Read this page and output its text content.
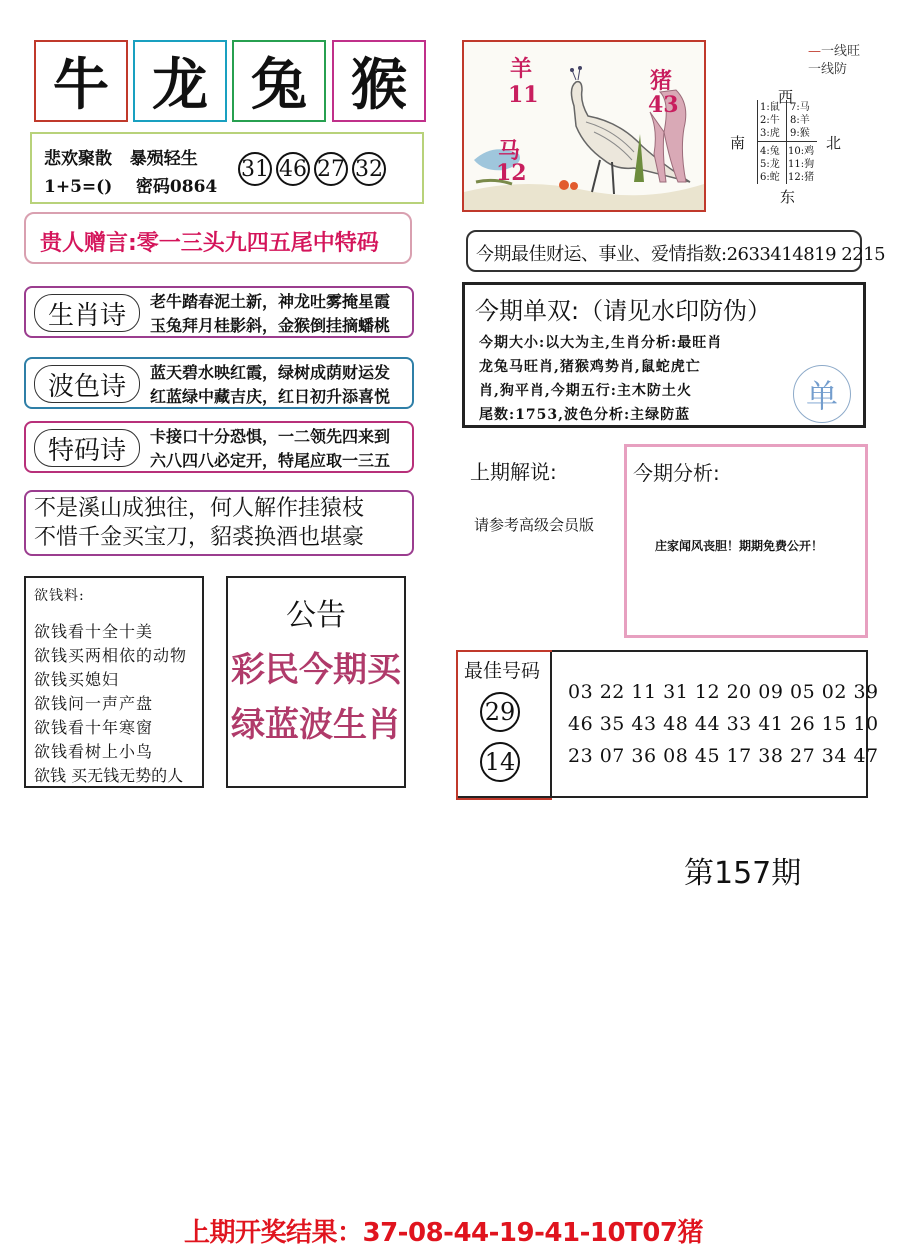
牛 龙 兔 猴
悲欢聚散   暴殒轻生
1+5=()    密码0864
31 46 27 32
贵人赠言:零一三头九四五尾中特码
生肖诗	老牛踏春泥土新，神龙吐雾掩星霞
玉兔拜月桂影斜，金猴倒挂摘蟠桃
波色诗	蓝天碧水映红霞，绿树成荫财运发
红蓝绿中藏吉庆，红日初升添喜悦
特码诗	卡接口十分恐惧，一二领先四来到
六八四八必定开，特尾应取一三五
不是溪山成独往，何人解作挂猿枝
不惜千金买宝刀，貂裘换酒也堪豪
欲钱料:
欲钱看十全十美
欲钱买两相依的动物
欲钱买媳妇
欲钱问一声产盘
欲钱看十年寒窗
欲钱看树上小鸟
欲钱 买无钱无势的人
公告
彩民今期买
绿蓝波生肖
羊
11
猪
43
马
12
—一线旺
一线防
西
南	北
东
1:鼠
2:牛
3:虎
7:马
8:羊
9:猴
4:兔
5:龙
6:蛇
10:鸡
11:狗
12:猪
今期最佳财运、事业、爱情指数:2633414819 2215
今期单双:（请见水印防伪）
今期大小:以大为主,生肖分析:最旺肖
龙兔马旺肖,猪猴鸡势肖,鼠蛇虎亡
肖,狗平肖,今期五行:主木防土火
尾数:1753,波色分析:主绿防蓝	单
上期解说:
请参考高级会员版
今期分析:
庄家闻风丧胆！期期免费公开！
最佳号码
29
14
03 22 11 31 12 20 09 05 02 39
46 35 43 48 44 33 41 26 15 10
23 07 36 08 45 17 38 27 34 47
第157期
上期开奖结果：37-08-44-19-41-10T07猪
